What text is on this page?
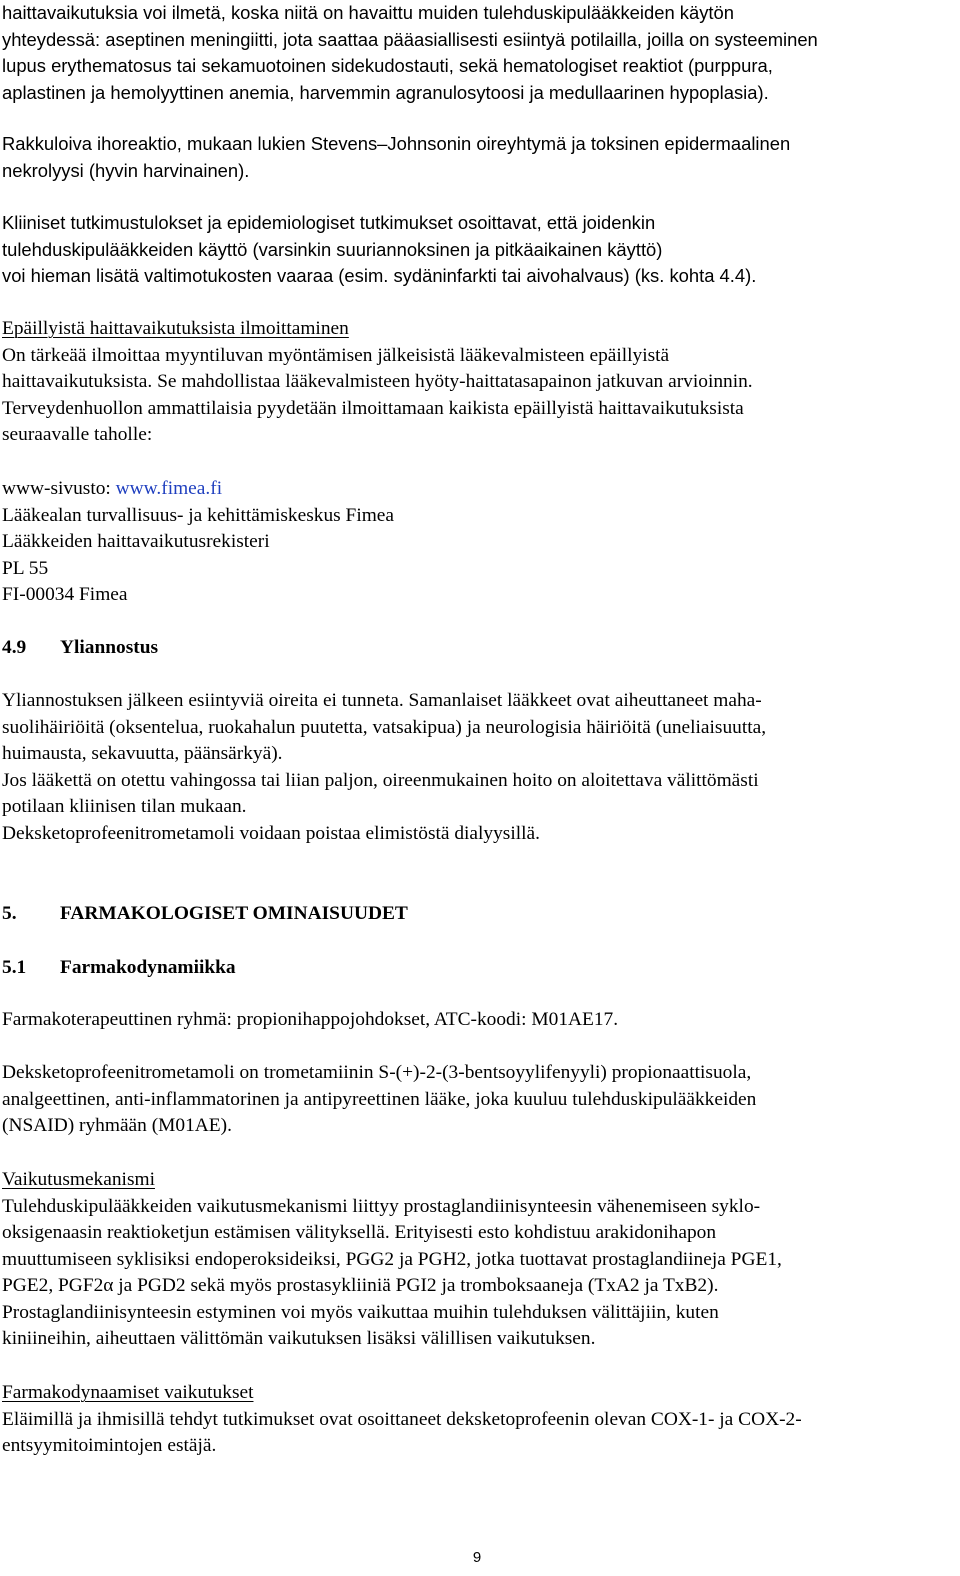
haittavaikutuksia voi ilmetä, koska niitä on havaittu muiden tulehduskipulääkkeiden käytön
yhteydessä: aseptinen meningiitti, jota saattaa pääasiallisesti esiintyä potilailla, joilla on systeeminen
lupus erythematosus tai sekamuotoinen sidekudostauti, sekä hematologiset reaktiot (purppura,
aplastinen ja hemolyyttinen anemia, harvemmin agranulosytoosi ja medullaarinen hypoplasia).
Rakkuloiva ihoreaktio, mukaan lukien Stevens–Johnsonin oireyhtymä ja toksinen epidermaalinen
nekrolyysi (hyvin harvinainen).
Kliiniset tutkimustulokset ja epidemiologiset tutkimukset osoittavat, että joidenkin
tulehduskipulääkkeiden käyttö (varsinkin suuriannoksinen ja pitkäaikainen käyttö)
voi hieman lisätä valtimotukosten vaaraa (esim. sydäninfarkti tai aivohalvaus) (ks. kohta 4.4).
Epäillyistä haittavaikutuksista ilmoittaminen
On tärkeää ilmoittaa myyntiluvan myöntämisen jälkeisistä lääkevalmisteen epäillyistä
haittavaikutuksista. Se mahdollistaa lääkevalmisteen hyöty-haittatasapainon jatkuvan arvioinnin.
Terveydenhuollon ammattilaisia pyydetään ilmoittamaan kaikista epäillyistä haittavaikutuksista
seuraavalle taholle:
www-sivusto: www.fimea.fi
Lääkealan turvallisuus- ja kehittämiskeskus Fimea
Lääkkeiden haittavaikutusrekisteri
PL 55
FI-00034 Fimea
4.9 Yliannostus
Yliannostuksen jälkeen esiintyviä oireita ei tunneta. Samanlaiset lääkkeet ovat aiheuttaneet maha-
suolihäiriöitä (oksentelua, ruokahalun puutetta, vatsakipua) ja neurologisia häiriöitä (uneliaisuutta,
huimausta, sekavuutta, päänsärkyä).
Jos lääkettä on otettu vahingossa tai liian paljon, oireenmukainen hoito on aloitettava välittömästi
potilaan kliinisen tilan mukaan.
Deksketoprofeenitrometamoli voidaan poistaa elimistöstä dialyysillä.
5. FARMAKOLOGISET OMINAISUUDET
5.1 Farmakodynamiikka
Farmakoterapeuttinen ryhmä: propionihappojohdokset, ATC-koodi: M01AE17.
Deksketoprofeenitrometamoli on trometamiinin S-(+)-2-(3-bentsoyylifenyyli) propionaattisuola,
analgeettinen, anti-inflammatorinen ja antipyreettinen lääke, joka kuuluu tulehduskipulääkkeiden
(NSAID) ryhmään (M01AE).
Vaikutusmekanismi
Tulehduskipulääkkeiden vaikutusmekanismi liittyy prostaglandiinisynteesin vähenemiseen syklo-
oksigenaasin reaktioketjun estämisen välityksellä. Erityisesti esto kohdistuu arakidonihapon
muuttumiseen syklisiksi endoperoksideiksi, PGG2 ja PGH2, jotka tuottavat prostaglandiineja PGE1,
PGE2, PGF2α ja PGD2 sekä myös prostasykliiniä PGI2 ja tromboksaaneja (TxA2 ja TxB2).
Prostaglandiinisynteesin estyminen voi myös vaikuttaa muihin tulehduksen välittäjiin, kuten
kiniineihin, aiheuttaen välittömän vaikutuksen lisäksi välillisen vaikutuksen.
Farmakodynaamiset vaikutukset
Eläimillä ja ihmisillä tehdyt tutkimukset ovat osoittaneet deksketoprofeenin olevan COX-1- ja COX-2-
entsyymitoimintojen estäjä.
9
